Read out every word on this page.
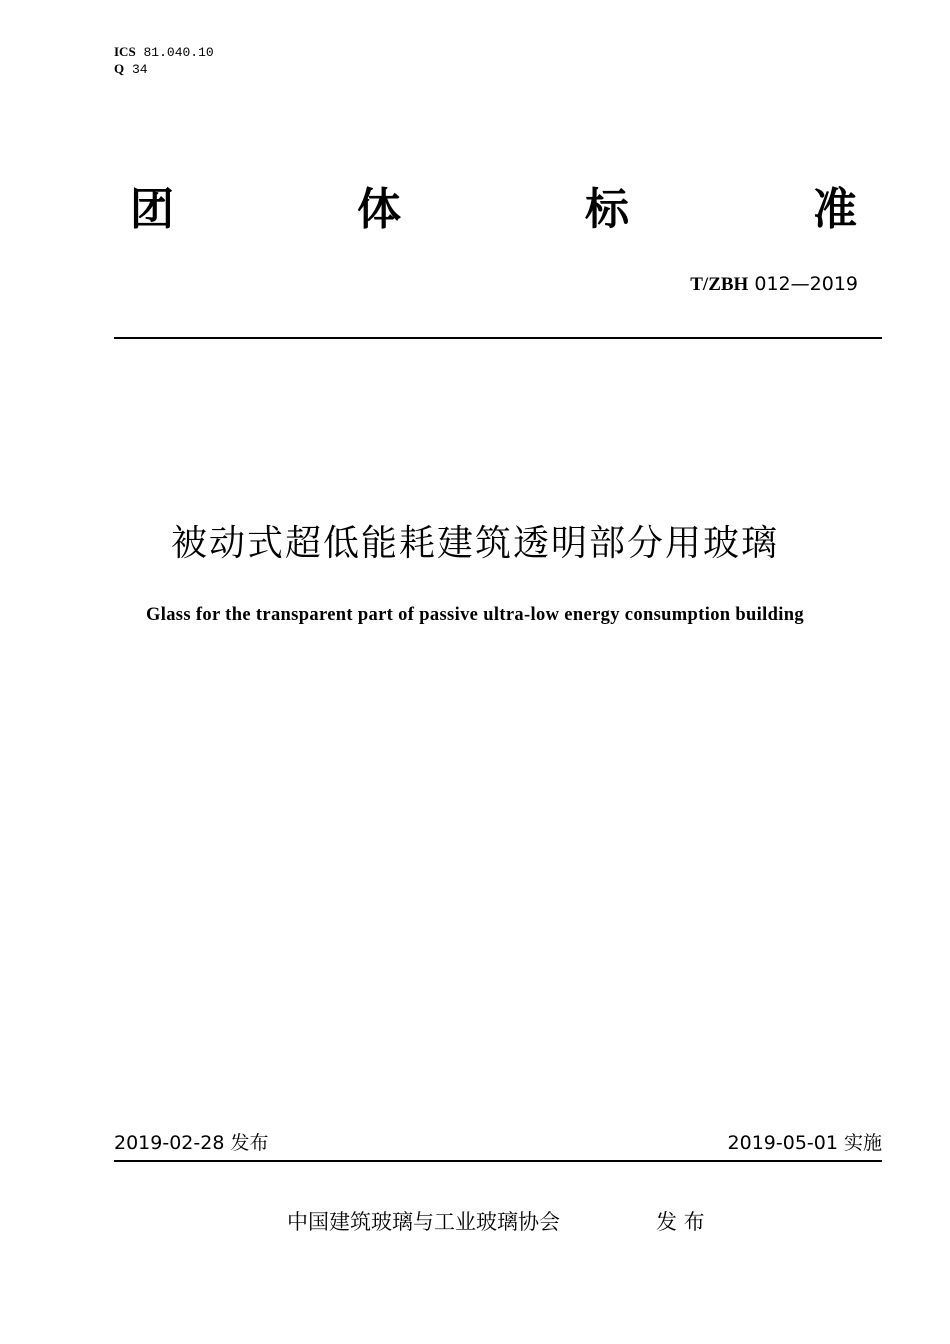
ICS 81.040.10
Q 34
团	体	标	准
T/ZBH 012—2019
被动式超低能耗建筑透明部分用玻璃
Glass for the transparent part of passive ultra-low energy consumption building
2019-02-28 发布	2019-05-01 实施
中国建筑玻璃与工业玻璃协会	发 布
